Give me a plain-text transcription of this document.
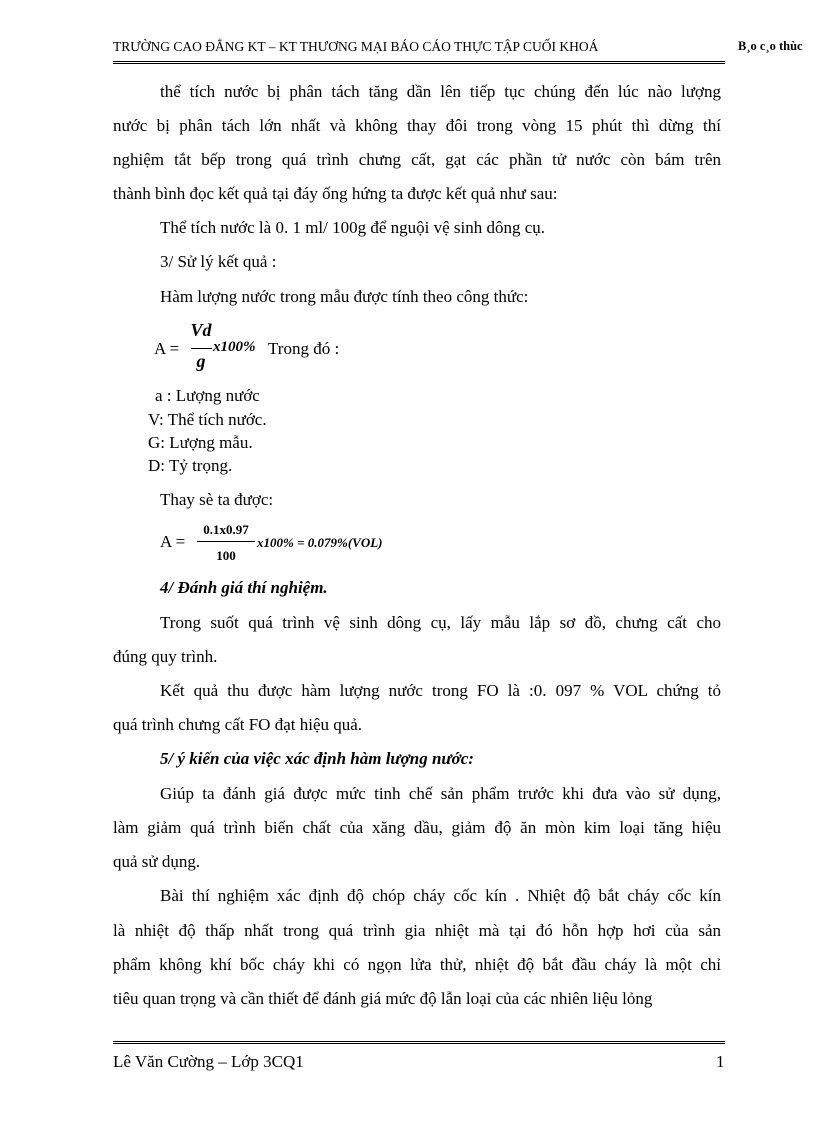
TRƯỜNG CAO ĐẲNG KT – KT THƯƠNG MẠI BÁO CÁO THỰC TẬP CUỐI KHOÁ	B¸o c¸o thùc
thể tích nước bị phân tách tăng dần lên tiếp tục chúng đến lúc nào lượng
nước bị phân tách lớn nhất và không thay đôi trong vòng 15 phút thì dừng thí
nghiệm tắt bếp trong quá trình chưng cất, gạt các phần tử nước còn bám trên
thành bình đọc kết quả tại đáy ống hứng ta được kết quả như sau:
Thể tích nước là 0. 1 ml/ 100g để nguội vệ sinh dông cụ.
3/ Sử lý kết quả :
Hàm lượng nước trong mẫu được tính theo công thức:
A =
Vd
g
x100% Trong đó :
a : Lượng nước
V: Thể tích nước.
G: Lượng mẫu.
D: Tỷ trọng.
Thay sè ta được:
A =
0.1x0.97
100
x100% = 0.079%(VOL)
4/ Đánh giá thí nghiệm.
Trong suốt quá trình vệ sinh dông cụ, lấy mẫu lắp sơ đồ, chưng cất cho
đúng quy trình.
Kết quả thu được hàm lượng nước trong FO là :0. 097 % VOL chứng tỏ
quá trình chưng cất FO đạt hiệu quả.
5/ ý kiến của việc xác định hàm lượng nước:
Giúp ta đánh giá được mức tinh chế sản phẩm trước khi đưa vào sử dụng,
làm giảm quá trình biến chất của xăng dầu, giảm độ ăn mòn kim loại tăng hiệu
quả sử dụng.
Bài thí nghiệm xác định độ chóp cháy cốc kín . Nhiệt độ bắt cháy cốc kín
là nhiệt độ thấp nhất trong quá trình gia nhiệt mà tại đó hỗn hợp hơi của sản
phẩm không khí bốc cháy khi có ngọn lửa thử, nhiệt độ bắt đầu cháy là một chỉ
tiêu quan trọng và cần thiết để đánh giá mức độ lẫn loại của các nhiên liệu lỏng
Lê Văn Cường – Lớp 3CQ1	1
